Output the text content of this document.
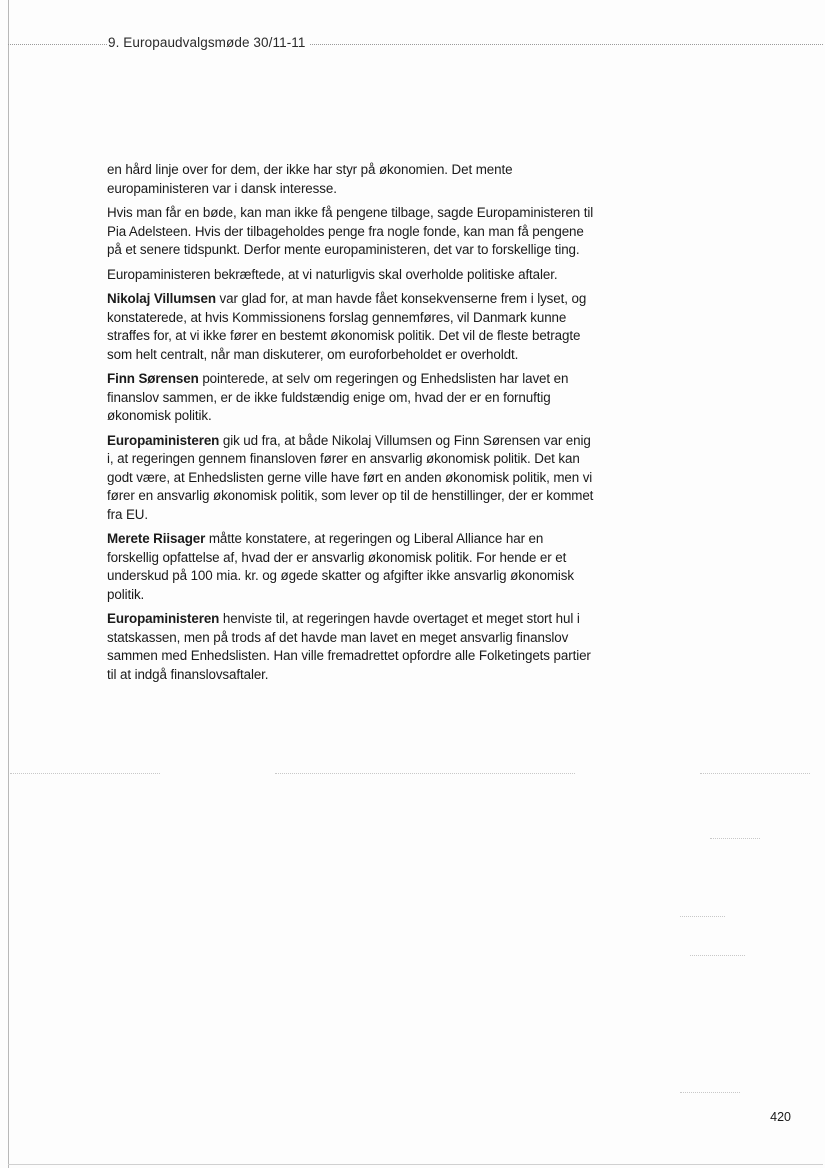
9. Europaudvalgsmøde 30/11-11

en hård linje over for dem, der ikke har styr på økonomien. Det mente europaministeren var i dansk interesse.

Hvis man får en bøde, kan man ikke få pengene tilbage, sagde Europaministeren til Pia Adelsteen. Hvis der tilbageholdes penge fra nogle fonde, kan man få pengene på et senere tidspunkt. Derfor mente europaministeren, det var to forskellige ting.

Europaministeren bekræftede, at vi naturligvis skal overholde politiske aftaler.

Nikolaj Villumsen var glad for, at man havde fået konsekvenserne frem i lyset, og konstaterede, at hvis Kommissionens forslag gennemføres, vil Danmark kunne straffes for, at vi ikke fører en bestemt økonomisk politik. Det vil de fleste betragte som helt centralt, når man diskuterer, om euroforbeholdet er overholdt.

Finn Sørensen pointerede, at selv om regeringen og Enhedslisten har lavet en finanslov sammen, er de ikke fuldstændig enige om, hvad der er en fornuftig økonomisk politik.

Europaministeren gik ud fra, at både Nikolaj Villumsen og Finn Sørensen var enig i, at regeringen gennem finansloven fører en ansvarlig økonomisk politik. Det kan godt være, at Enhedslisten gerne ville have ført en anden økonomisk politik, men vi fører en ansvarlig økonomisk politik, som lever op til de henstillinger, der er kommet fra EU.

Merete Riisager måtte konstatere, at regeringen og Liberal Alliance har en forskellig opfattelse af, hvad der er ansvarlig økonomisk politik. For hende er et underskud på 100 mia. kr. og øgede skatter og afgifter ikke ansvarlig økonomisk politik.

Europaministeren henviste til, at regeringen havde overtaget et meget stort hul i statskassen, men på trods af det havde man lavet en meget ansvarlig finanslov sammen med Enhedslisten. Han ville fremadrettet opfordre alle Folketingets partier til at indgå finanslovsaftaler.

420
